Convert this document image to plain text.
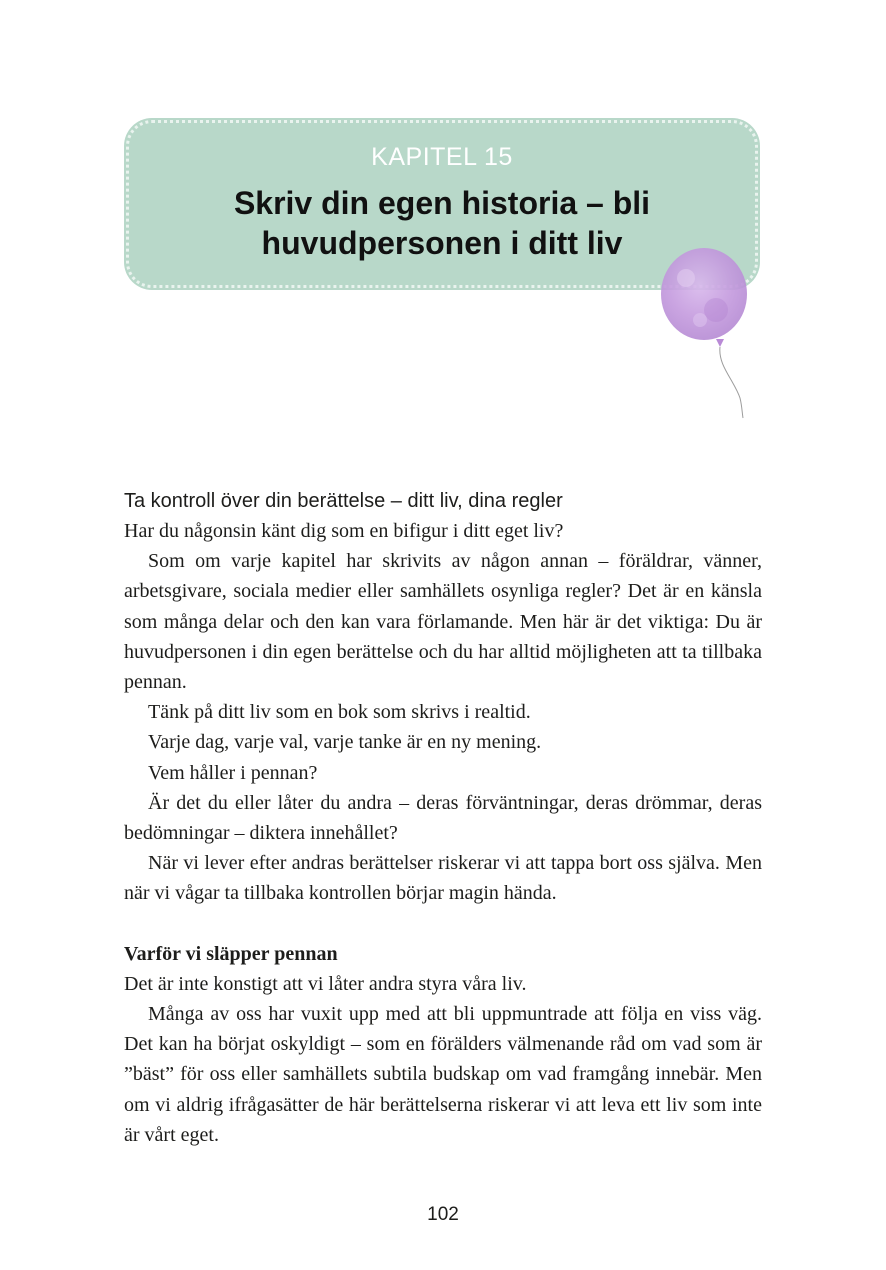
KAPITEL 15
Skriv din egen historia – bli
huvudpersonen i ditt liv

Ta kontroll över din berättelse – ditt liv, dina regler

Har du någonsin känt dig som en bifigur i ditt eget liv?

Som om varje kapitel har skrivits av någon annan – föräldrar, vänner, arbetsgivare, sociala medier eller samhällets osynliga regler? Det är en känsla som många delar och den kan vara förlamande. Men här är det viktiga: Du är huvudpersonen i din egen berättelse och du har alltid möjligheten att ta tillbaka pennan.

Tänk på ditt liv som en bok som skrivs i realtid.

Varje dag, varje val, varje tanke är en ny mening.

Vem håller i pennan?

Är det du eller låter du andra – deras förväntningar, deras drömmar, deras bedömningar – diktera innehållet?

När vi lever efter andras berättelser riskerar vi att tappa bort oss själva. Men när vi vågar ta tillbaka kontrollen börjar magin hända.

Varför vi släpper pennan

Det är inte konstigt att vi låter andra styra våra liv.

Många av oss har vuxit upp med att bli uppmuntrade att följa en viss väg. Det kan ha börjat oskyldigt – som en förälders välmenande råd om vad som är ”bäst” för oss eller samhällets subtila budskap om vad framgång innebär. Men om vi aldrig ifrågasätter de här berättelserna riskerar vi att leva ett liv som inte är vårt eget.

102
